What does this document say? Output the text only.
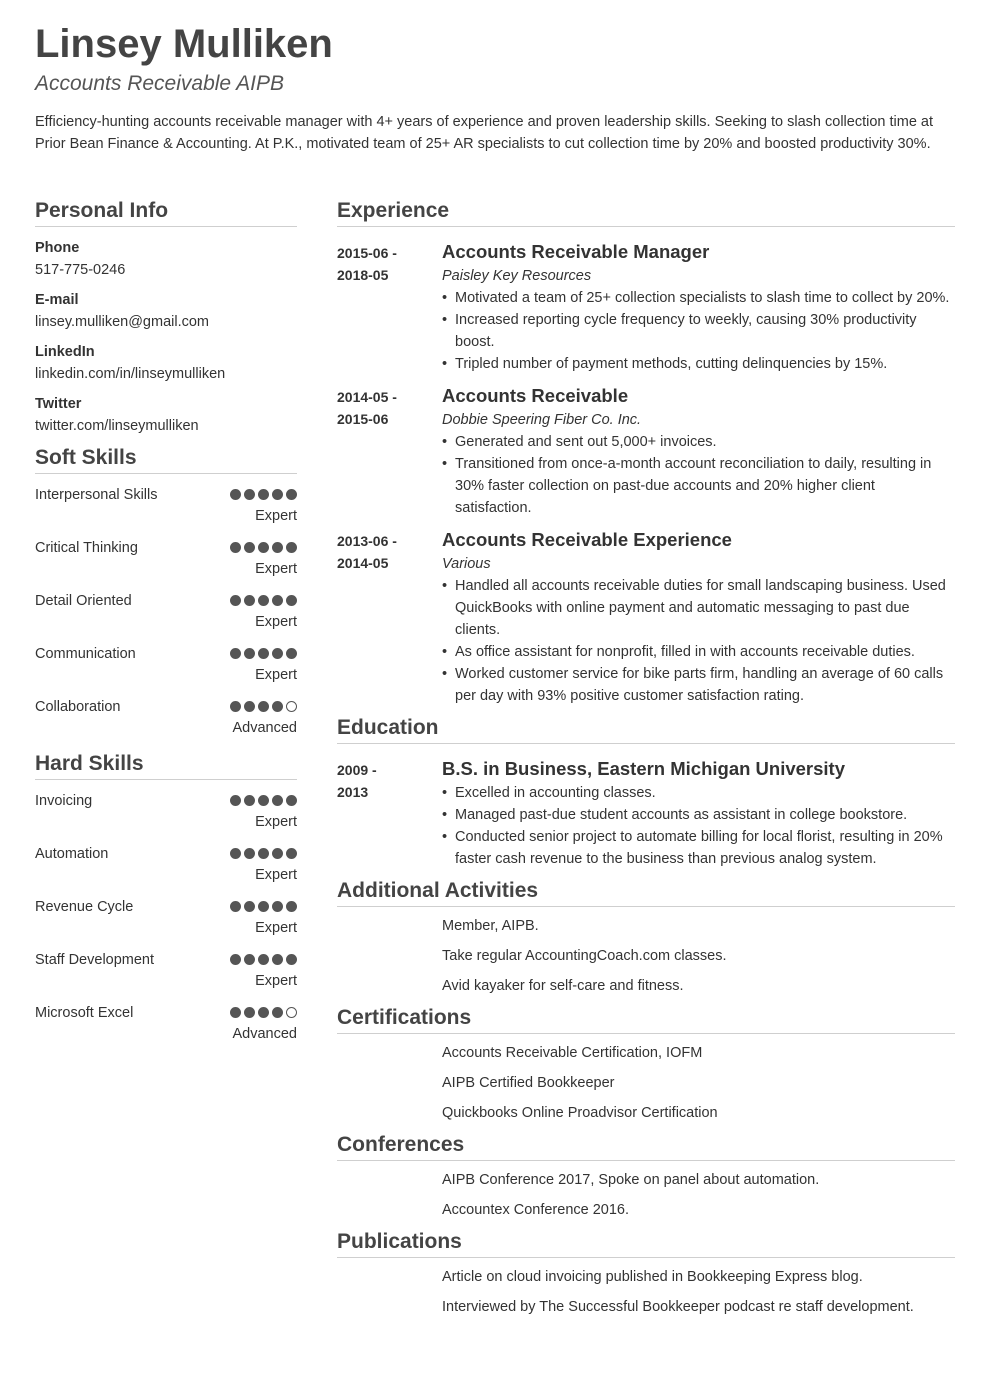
Linsey Mulliken
Accounts Receivable AIPB
Efficiency-hunting accounts receivable manager with 4+ years of experience and proven leadership skills. Seeking to slash collection time at Prior Bean Finance & Accounting. At P.K., motivated team of 25+ AR specialists to cut collection time by 20% and boosted productivity 30%.
Personal Info
Phone
517-775-0246
E-mail
linsey.mulliken@gmail.com
LinkedIn
linkedin.com/in/linseymulliken
Twitter
twitter.com/linseymulliken
Soft Skills
Interpersonal Skills
Expert
Critical Thinking
Expert
Detail Oriented
Expert
Communication
Expert
Collaboration
Advanced
Hard Skills
Invoicing
Expert
Automation
Expert
Revenue Cycle
Expert
Staff Development
Expert
Microsoft Excel
Advanced
Experience
2015-06 -
2018-05
Accounts Receivable Manager
Paisley Key Resources
• Motivated a team of 25+ collection specialists to slash time to collect by 20%.
• Increased reporting cycle frequency to weekly, causing 30% productivity boost.
• Tripled number of payment methods, cutting delinquencies by 15%.
2014-05 -
2015-06
Accounts Receivable
Dobbie Speering Fiber Co. Inc.
• Generated and sent out 5,000+ invoices.
• Transitioned from once-a-month account reconciliation to daily, resulting in 30% faster collection on past-due accounts and 20% higher client satisfaction.
2013-06 -
2014-05
Accounts Receivable Experience
Various
• Handled all accounts receivable duties for small landscaping business. Used QuickBooks with online payment and automatic messaging to past due clients.
• As office assistant for nonprofit, filled in with accounts receivable duties.
• Worked customer service for bike parts firm, handling an average of 60 calls per day with 93% positive customer satisfaction rating.
Education
2009 -
2013
B.S. in Business, Eastern Michigan University
• Excelled in accounting classes.
• Managed past-due student accounts as assistant in college bookstore.
• Conducted senior project to automate billing for local florist, resulting in 20% faster cash revenue to the business than previous analog system.
Additional Activities
Member, AIPB.
Take regular AccountingCoach.com classes.
Avid kayaker for self-care and fitness.
Certifications
Accounts Receivable Certification, IOFM
AIPB Certified Bookkeeper
Quickbooks Online Proadvisor Certification
Conferences
AIPB Conference 2017, Spoke on panel about automation.
Accountex Conference 2016.
Publications
Article on cloud invoicing published in Bookkeeping Express blog.
Interviewed by The Successful Bookkeeper podcast re staff development.
